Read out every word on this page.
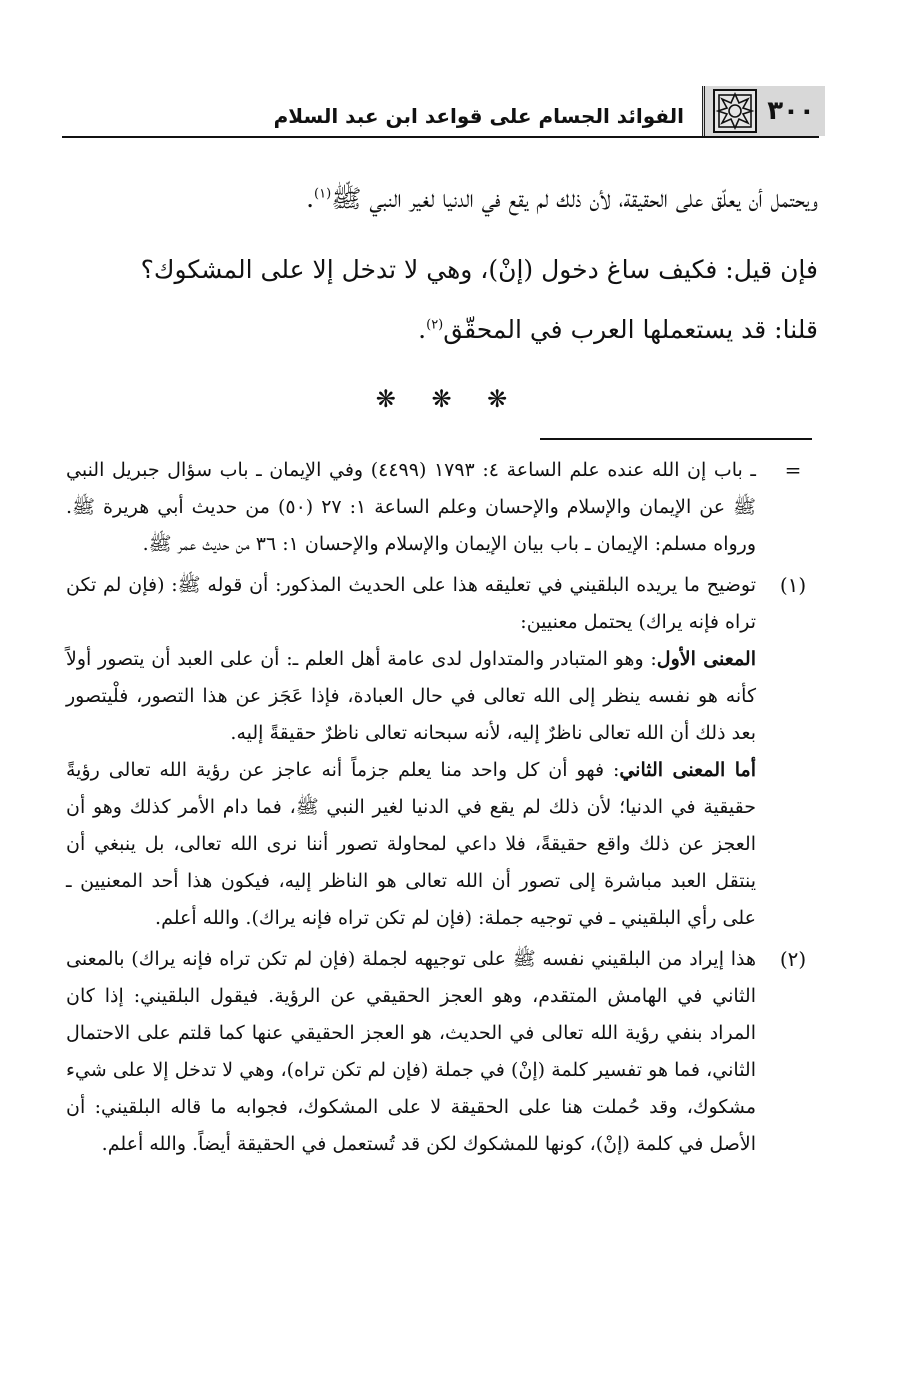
الفوائد الجسام على قواعد ابن عبد السلام	٣٠٠

ويحتمل أن يعلّق على الحقيقة، لأن ذلك لم يقع في الدنيا لغير النبي ﷺ$^{(١)}$.

فإن قيل: فكيف ساغ دخول (إنْ)، وهي لا تدخل إلا على المشكوك؟
قلنا: قد يستعملها العرب في المحقّق$^{(٢)}$.

❋ ❋ ❋
=
ـ باب إن الله عنده علم الساعة ٤: ١٧٩٣ (٤٤٩٩) وفي الإيمان ـ باب سؤال جبريل النبي ﷺ عن الإيمان والإسلام والإحسان وعلم الساعة ١: ٢٧ (٥٠) من حديث أبي هريرة ﷺ. ورواه مسلم: الإيمان ـ باب بيان الإيمان والإسلام والإحسان ١: ٣٦ من حديث عمر ﷺ.
(١)

توضيح ما يريده البلقيني في تعليقه هذا على الحديث المذكور: أن قوله ﷺ: (فإن لم تكن تراه فإنه يراك) يحتمل معنيين:

المعنى الأول: وهو المتبادر والمتداول لدى عامة أهل العلم ـ: أن على العبد أن يتصور أولاً كأنه هو نفسه ينظر إلى الله تعالى في حال العبادة، فإذا عَجَز عن هذا التصور، فلْيتصور بعد ذلك أن الله تعالى ناظرٌ إليه، لأنه سبحانه تعالى ناظرٌ حقيقةً إليه.

أما المعنى الثاني: فهو أن كل واحد منا يعلم جزماً أنه عاجز عن رؤية الله تعالى رؤيةً حقيقية في الدنيا؛ لأن ذلك لم يقع في الدنيا لغير النبي ﷺ، فما دام الأمر كذلك وهو أن العجز عن ذلك واقع حقيقةً، فلا داعي لمحاولة تصور أننا نرى الله تعالى، بل ينبغي أن ينتقل العبد مباشرة إلى تصور أن الله تعالى هو الناظر إليه، فيكون هذا أحد المعنيين ـ على رأي البلقيني ـ في توجيه جملة: (فإن لم تكن تراه فإنه يراك). والله أعلم.

(٢)
هذا إيراد من البلقيني نفسه ﷺ على توجيهه لجملة (فإن لم تكن تراه فإنه يراك) بالمعنى الثاني في الهامش المتقدم، وهو العجز الحقيقي عن الرؤية. فيقول البلقيني: إذا كان المراد بنفي رؤية الله تعالى في الحديث، هو العجز الحقيقي عنها كما قلتم على الاحتمال الثاني، فما هو تفسير كلمة (إنْ) في جملة (فإن لم تكن تراه)، وهي لا تدخل إلا على شيء مشكوك، وقد حُملت هنا على الحقيقة لا على المشكوك، فجوابه ما قاله البلقيني: أن الأصل في كلمة (إنْ)، كونها للمشكوك لكن قد تُستعمل في الحقيقة أيضاً. والله أعلم.
